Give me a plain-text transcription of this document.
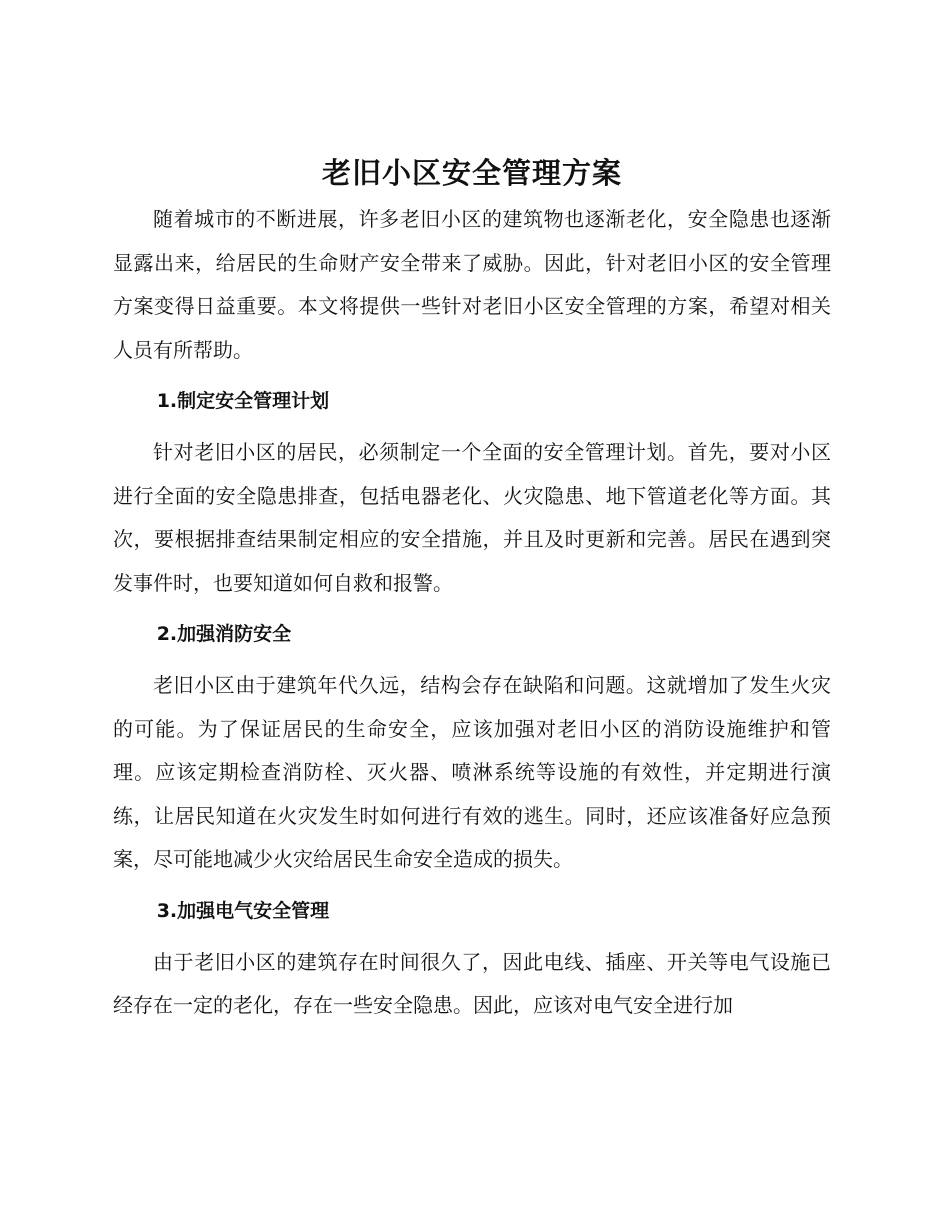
老旧小区安全管理方案

随着城市的不断进展，许多老旧小区的建筑物也逐渐老化，安全隐患也逐渐显露出来，给居民的生命财产安全带来了威胁。因此，针对老旧小区的安全管理方案变得日益重要。本文将提供一些针对老旧小区安全管理的方案，希望对相关人员有所帮助。

1.制定安全管理计划

针对老旧小区的居民，必须制定一个全面的安全管理计划。首先，要对小区进行全面的安全隐患排查，包括电器老化、火灾隐患、地下管道老化等方面。其次，要根据排查结果制定相应的安全措施，并且及时更新和完善。居民在遇到突发事件时，也要知道如何自救和报警。

2.加强消防安全

老旧小区由于建筑年代久远，结构会存在缺陷和问题。这就增加了发生火灾的可能。为了保证居民的生命安全，应该加强对老旧小区的消防设施维护和管理。应该定期检查消防栓、灭火器、喷淋系统等设施的有效性，并定期进行演练，让居民知道在火灾发生时如何进行有效的逃生。同时，还应该准备好应急预案，尽可能地减少火灾给居民生命安全造成的损失。

3.加强电气安全管理

由于老旧小区的建筑存在时间很久了，因此电线、插座、开关等电气设施已经存在一定的老化，存在一些安全隐患。因此，应该对电气安全进行加
